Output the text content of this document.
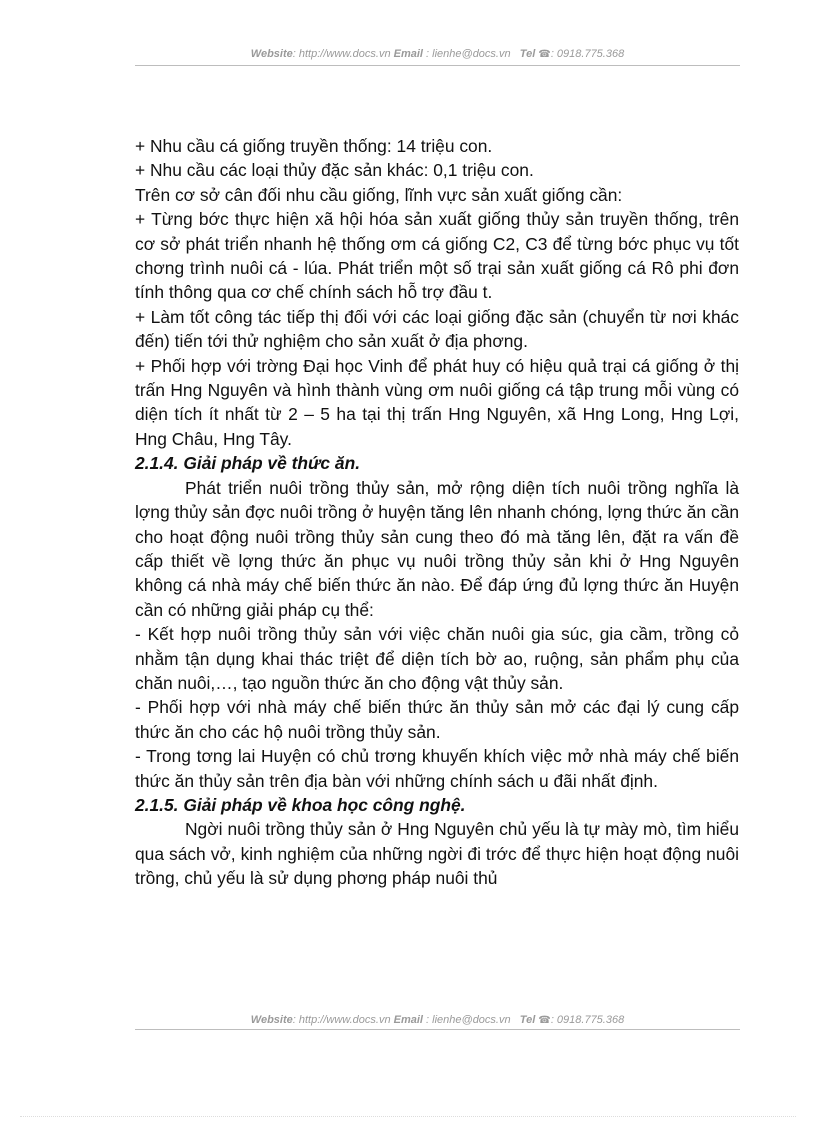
Website: http://www.docs.vn Email : lienhe@docs.vn Tel ☎: 0918.775.368

+ Nhu cầu cá giống truyền thống: 14 triệu con.

+ Nhu cầu các loại thủy đặc sản khác: 0,1 triệu con.

Trên cơ sở cân đối nhu cầu giống, lĩnh vực sản xuất giống cần:

+ Từng bớc thực hiện xã hội hóa sản xuất giống thủy sản truyền thống, trên cơ sở phát triển nhanh hệ thống ơm cá giống C2, C3 để từng bớc phục vụ tốt chơng trình nuôi cá - lúa. Phát triển một số trại sản xuất giống cá Rô phi đơn tính thông qua cơ chế chính sách hỗ trợ đầu t.

+ Làm tốt công tác tiếp thị đối với các loại giống đặc sản (chuyển từ nơi khác đến) tiến tới thử nghiệm cho sản xuất ở địa phơng.

+ Phối hợp với trờng Đại học Vinh để phát huy có hiệu quả trại cá giống ở thị trấn Hng Nguyên và hình thành vùng ơm nuôi giống cá tập trung mỗi vùng có diện tích ít nhất từ 2 – 5 ha tại thị trấn Hng Nguyên, xã Hng Long, Hng Lợi, Hng Châu, Hng Tây.

2.1.4. Giải pháp về thức ăn.

Phát triển nuôi trồng thủy sản, mở rộng diện tích nuôi trồng nghĩa là lợng thủy sản đợc nuôi trồng ở huyện tăng lên nhanh chóng, lợng thức ăn cần cho hoạt động nuôi trồng thủy sản cung theo đó mà tăng lên, đặt ra vấn đề cấp thiết về lợng thức ăn phục vụ nuôi trồng thủy sản khi ở Hng Nguyên không cá nhà máy chế biến thức ăn nào. Để đáp ứng đủ lợng thức ăn Huyện cần có những giải pháp cụ thể:

- Kết hợp nuôi trồng thủy sản với việc chăn nuôi gia súc, gia cầm, trồng cỏ nhằm tận dụng khai thác triệt để diện tích bờ ao, ruộng, sản phẩm phụ của chăn nuôi,…, tạo nguồn thức ăn cho động vật thủy sản.

- Phối hợp với nhà máy chế biến thức ăn thủy sản mở các đại lý cung cấp thức ăn cho các hộ nuôi trồng thủy sản.

- Trong tơng lai Huyện có chủ trơng khuyến khích việc mở nhà máy chế biến thức ăn thủy sản trên địa bàn với những chính sách u đãi nhất định.

2.1.5. Giải pháp về khoa học công nghệ.

Ngời nuôi trồng thủy sản ở Hng Nguyên chủ yếu là tự mày mò, tìm hiểu qua sách vở, kinh nghiệm của những ngời đi trớc để thực hiện hoạt động nuôi trồng, chủ yếu là sử dụng phơng pháp nuôi thủ

Website: http://www.docs.vn Email : lienhe@docs.vn Tel ☎: 0918.775.368
